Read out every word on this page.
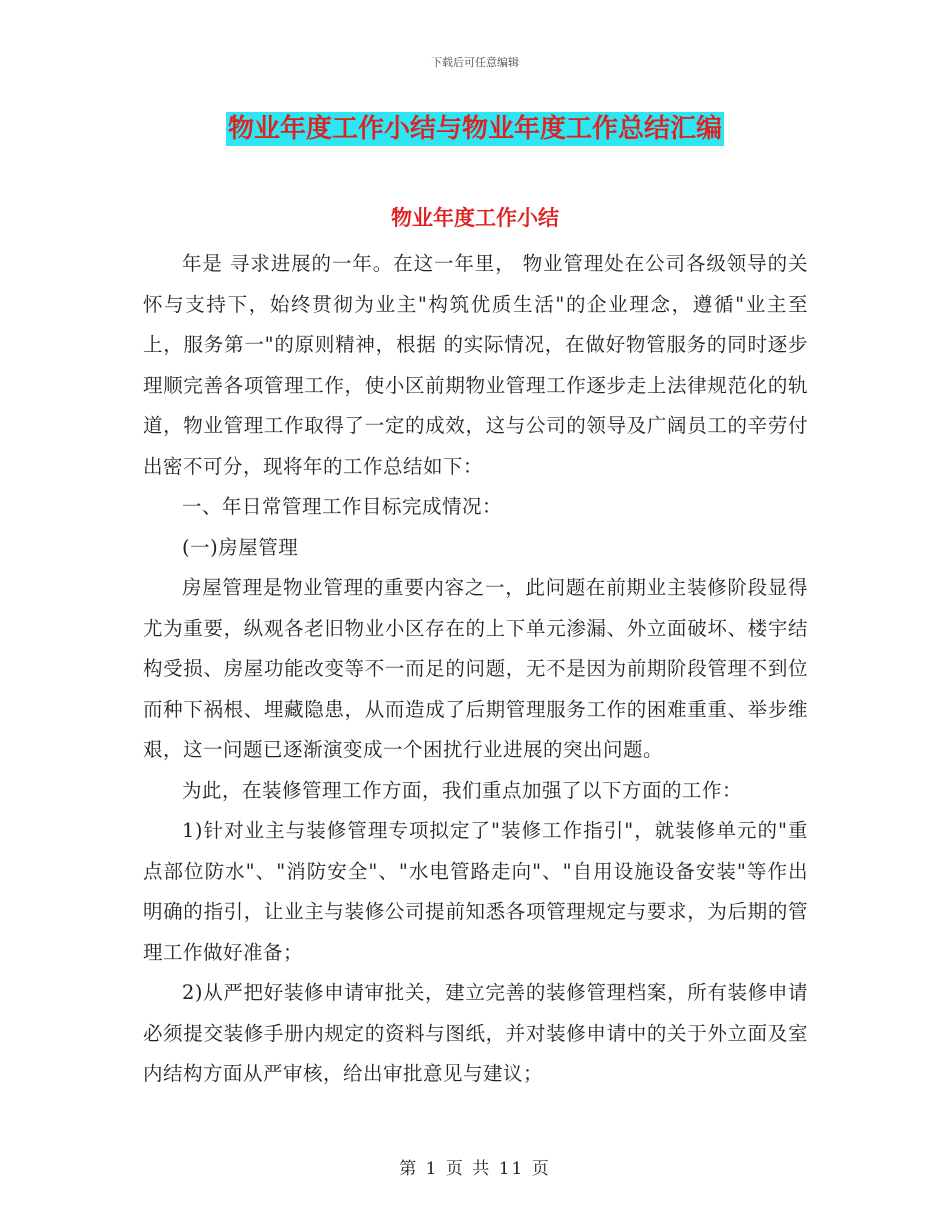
下载后可任意编辑
物业年度工作小结与物业年度工作总结汇编
物业年度工作小结

年是 寻求进展的一年。在这一年里， 物业管理处在公司各级领导的关怀与支持下，始终贯彻为业主"构筑优质生活"的企业理念，遵循"业主至上，服务第一"的原则精神，根据 的实际情况，在做好物管服务的同时逐步理顺完善各项管理工作，使小区前期物业管理工作逐步走上法律规范化的轨道，物业管理工作取得了一定的成效，这与公司的领导及广阔员工的辛劳付出密不可分，现将年的工作总结如下：

一、年日常管理工作目标完成情况：

(一)房屋管理

房屋管理是物业管理的重要内容之一，此问题在前期业主装修阶段显得尤为重要，纵观各老旧物业小区存在的上下单元渗漏、外立面破坏、楼宇结构受损、房屋功能改变等不一而足的问题，无不是因为前期阶段管理不到位而种下祸根、埋藏隐患，从而造成了后期管理服务工作的困难重重、举步维艰，这一问题已逐渐演变成一个困扰行业进展的突出问题。

为此，在装修管理工作方面，我们重点加强了以下方面的工作：

1)针对业主与装修管理专项拟定了"装修工作指引"，就装修单元的"重点部位防水"、"消防安全"、"水电管路走向"、"自用设施设备安装"等作出明确的指引，让业主与装修公司提前知悉各项管理规定与要求，为后期的管理工作做好准备；

2)从严把好装修申请审批关，建立完善的装修管理档案，所有装修申请必须提交装修手册内规定的资料与图纸，并对装修申请中的关于外立面及室内结构方面从严审核，给出审批意见与建议；

第 1 页 共 11 页
